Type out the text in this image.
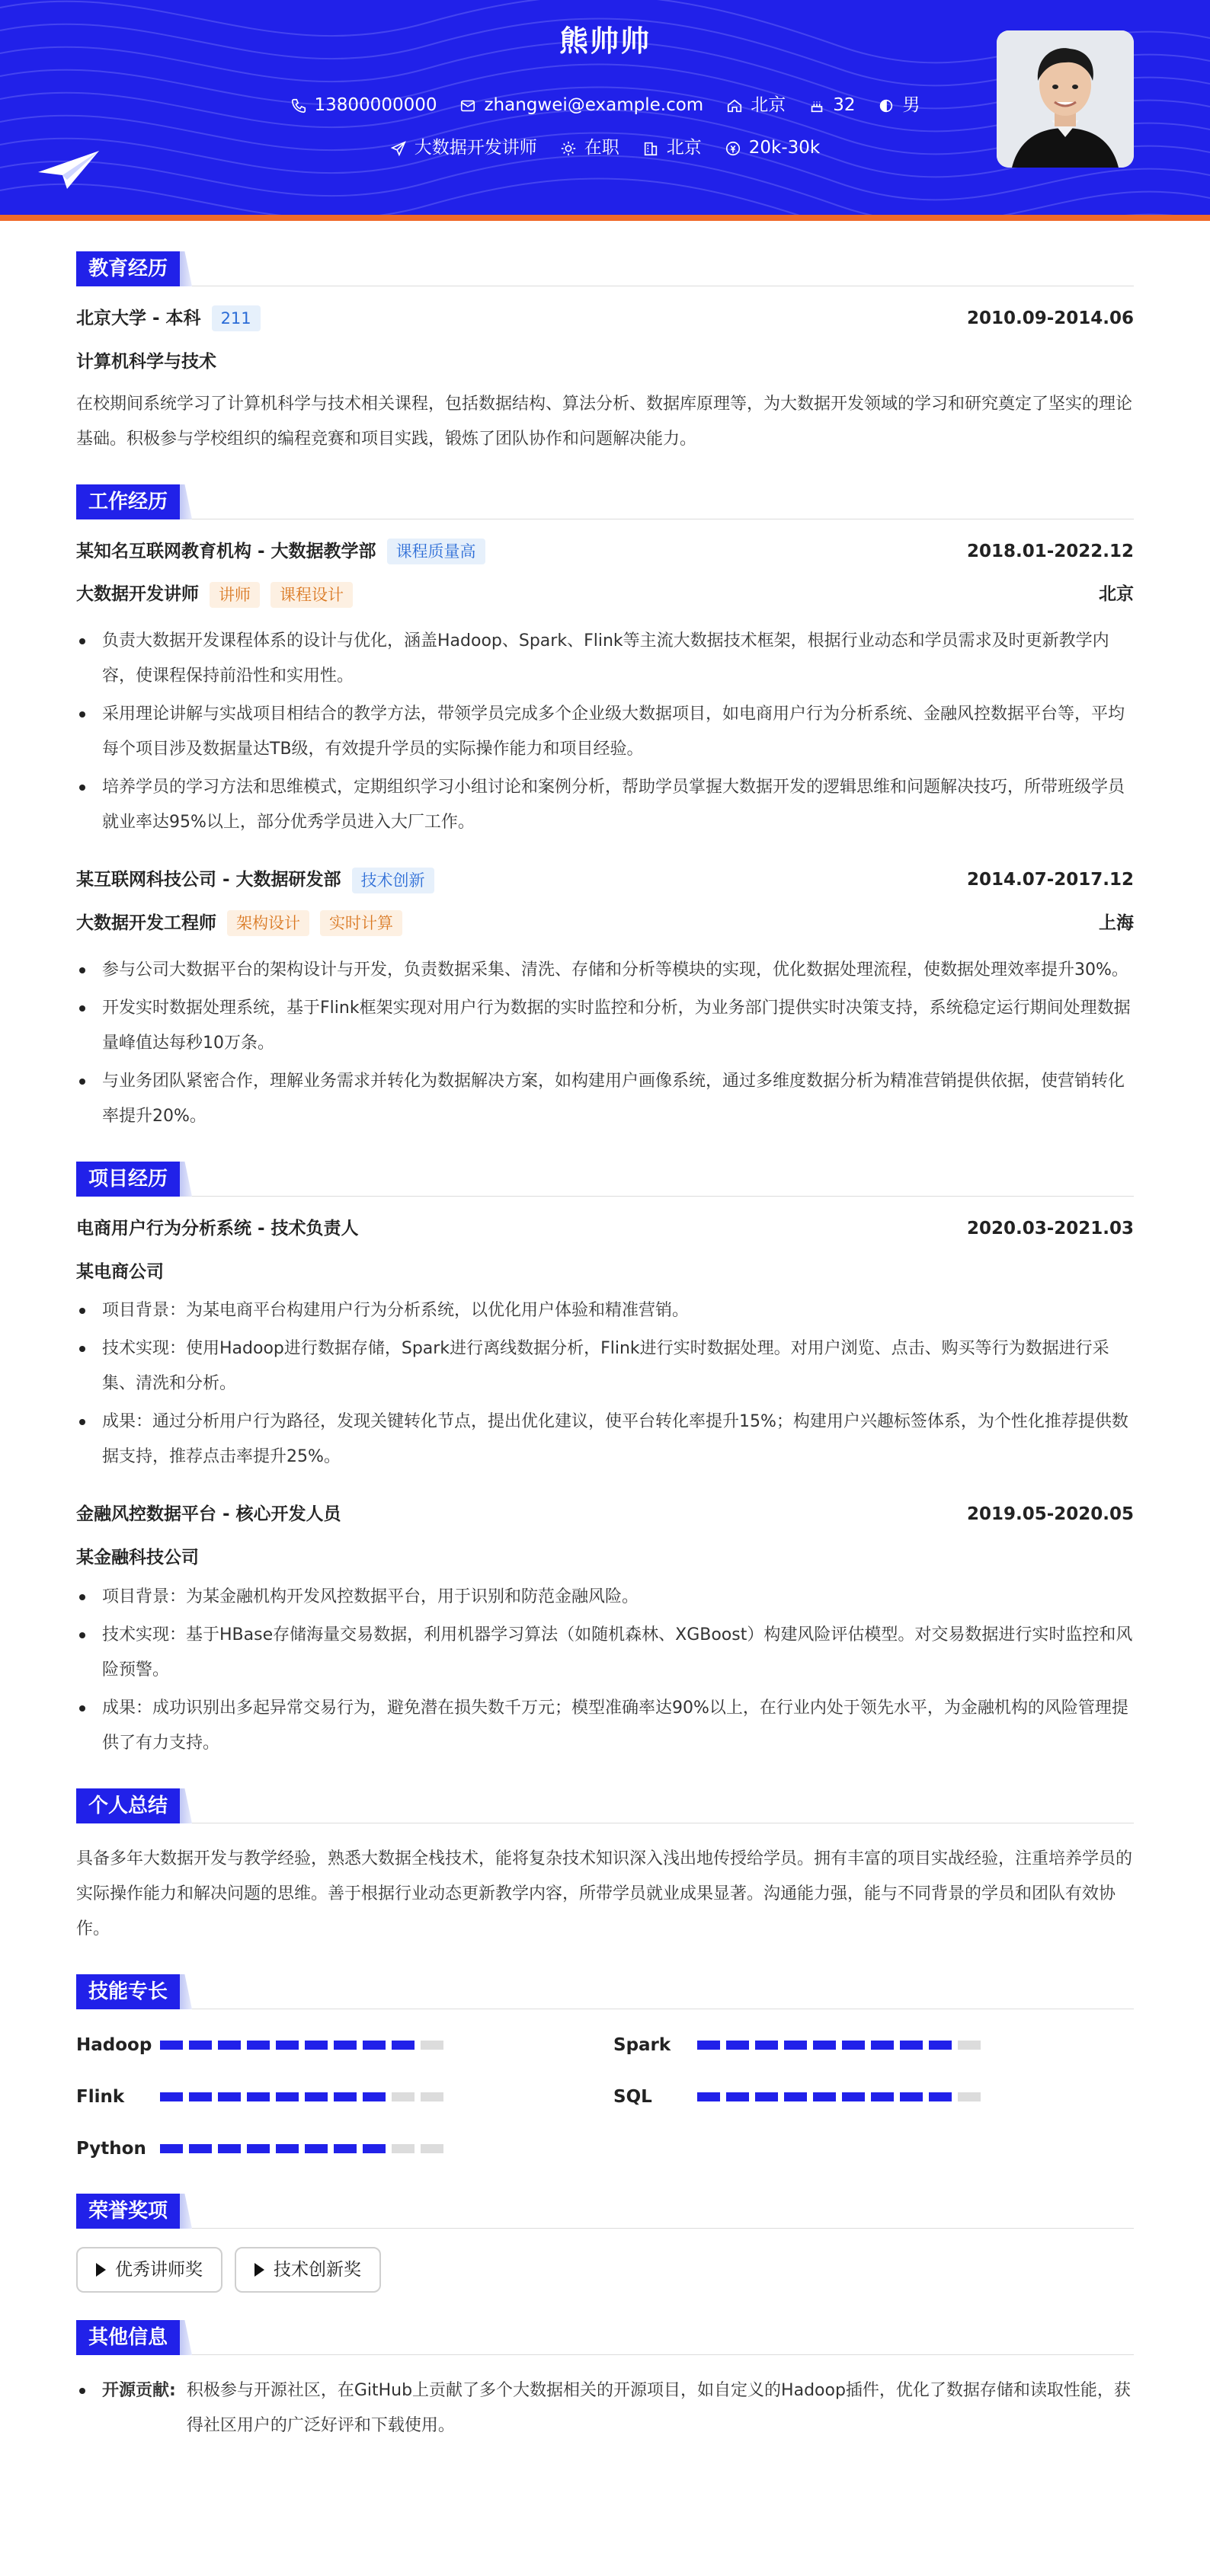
熊帅帅
13800000000	zhangwei@example.com	北京	32	男
大数据开发讲师	在职	北京	20k-30k
教育经历
北京大学 - 本科	211	2010.09-2014.06
计算机科学与技术
在校期间系统学习了计算机科学与技术相关课程，包括数据结构、算法分析、数据库原理等，为大数据开发领域的学习和研究奠定了坚实的理论基础。积极参与学校组织的编程竞赛和项目实践，锻炼了团队协作和问题解决能力。
工作经历
某知名互联网教育机构 - 大数据教学部	课程质量高	2018.01-2022.12
大数据开发讲师	讲师	课程设计	北京
负责大数据开发课程体系的设计与优化，涵盖Hadoop、Spark、Flink等主流大数据技术框架，根据行业动态和学员需求及时更新教学内容，使课程保持前沿性和实用性。
采用理论讲解与实战项目相结合的教学方法，带领学员完成多个企业级大数据项目，如电商用户行为分析系统、金融风控数据平台等，平均每个项目涉及数据量达TB级，有效提升学员的实际操作能力和项目经验。
培养学员的学习方法和思维模式，定期组织学习小组讨论和案例分析，帮助学员掌握大数据开发的逻辑思维和问题解决技巧，所带班级学员就业率达95%以上，部分优秀学员进入大厂工作。
某互联网科技公司 - 大数据研发部	技术创新	2014.07-2017.12
大数据开发工程师	架构设计	实时计算	上海
参与公司大数据平台的架构设计与开发，负责数据采集、清洗、存储和分析等模块的实现，优化数据处理流程，使数据处理效率提升30%。
开发实时数据处理系统，基于Flink框架实现对用户行为数据的实时监控和分析，为业务部门提供实时决策支持，系统稳定运行期间处理数据量峰值达每秒10万条。
与业务团队紧密合作，理解业务需求并转化为数据解决方案，如构建用户画像系统，通过多维度数据分析为精准营销提供依据，使营销转化率提升20%。
项目经历
电商用户行为分析系统 - 技术负责人	2020.03-2021.03
某电商公司
项目背景：为某电商平台构建用户行为分析系统，以优化用户体验和精准营销。
技术实现：使用Hadoop进行数据存储，Spark进行离线数据分析，Flink进行实时数据处理。对用户浏览、点击、购买等行为数据进行采集、清洗和分析。
成果：通过分析用户行为路径，发现关键转化节点，提出优化建议，使平台转化率提升15%；构建用户兴趣标签体系，为个性化推荐提供数据支持，推荐点击率提升25%。
金融风控数据平台 - 核心开发人员	2019.05-2020.05
某金融科技公司
项目背景：为某金融机构开发风控数据平台，用于识别和防范金融风险。
技术实现：基于HBase存储海量交易数据，利用机器学习算法（如随机森林、XGBoost）构建风险评估模型。对交易数据进行实时监控和风险预警。
成果：成功识别出多起异常交易行为，避免潜在损失数千万元；模型准确率达90%以上，在行业内处于领先水平，为金融机构的风险管理提供了有力支持。
个人总结
具备多年大数据开发与教学经验，熟悉大数据全栈技术，能将复杂技术知识深入浅出地传授给学员。拥有丰富的项目实战经验，注重培养学员的实际操作能力和解决问题的思维。善于根据行业动态更新教学内容，所带学员就业成果显著。沟通能力强，能与不同背景的学员和团队有效协作。
技能专长
Hadoop	Spark
Flink	SQL
Python
荣誉奖项
优秀讲师奖	技术创新奖
其他信息
开源贡献: 积极参与开源社区，在GitHub上贡献了多个大数据相关的开源项目，如自定义的Hadoop插件，优化了数据存储和读取性能，获得社区用户的广泛好评和下载使用。
